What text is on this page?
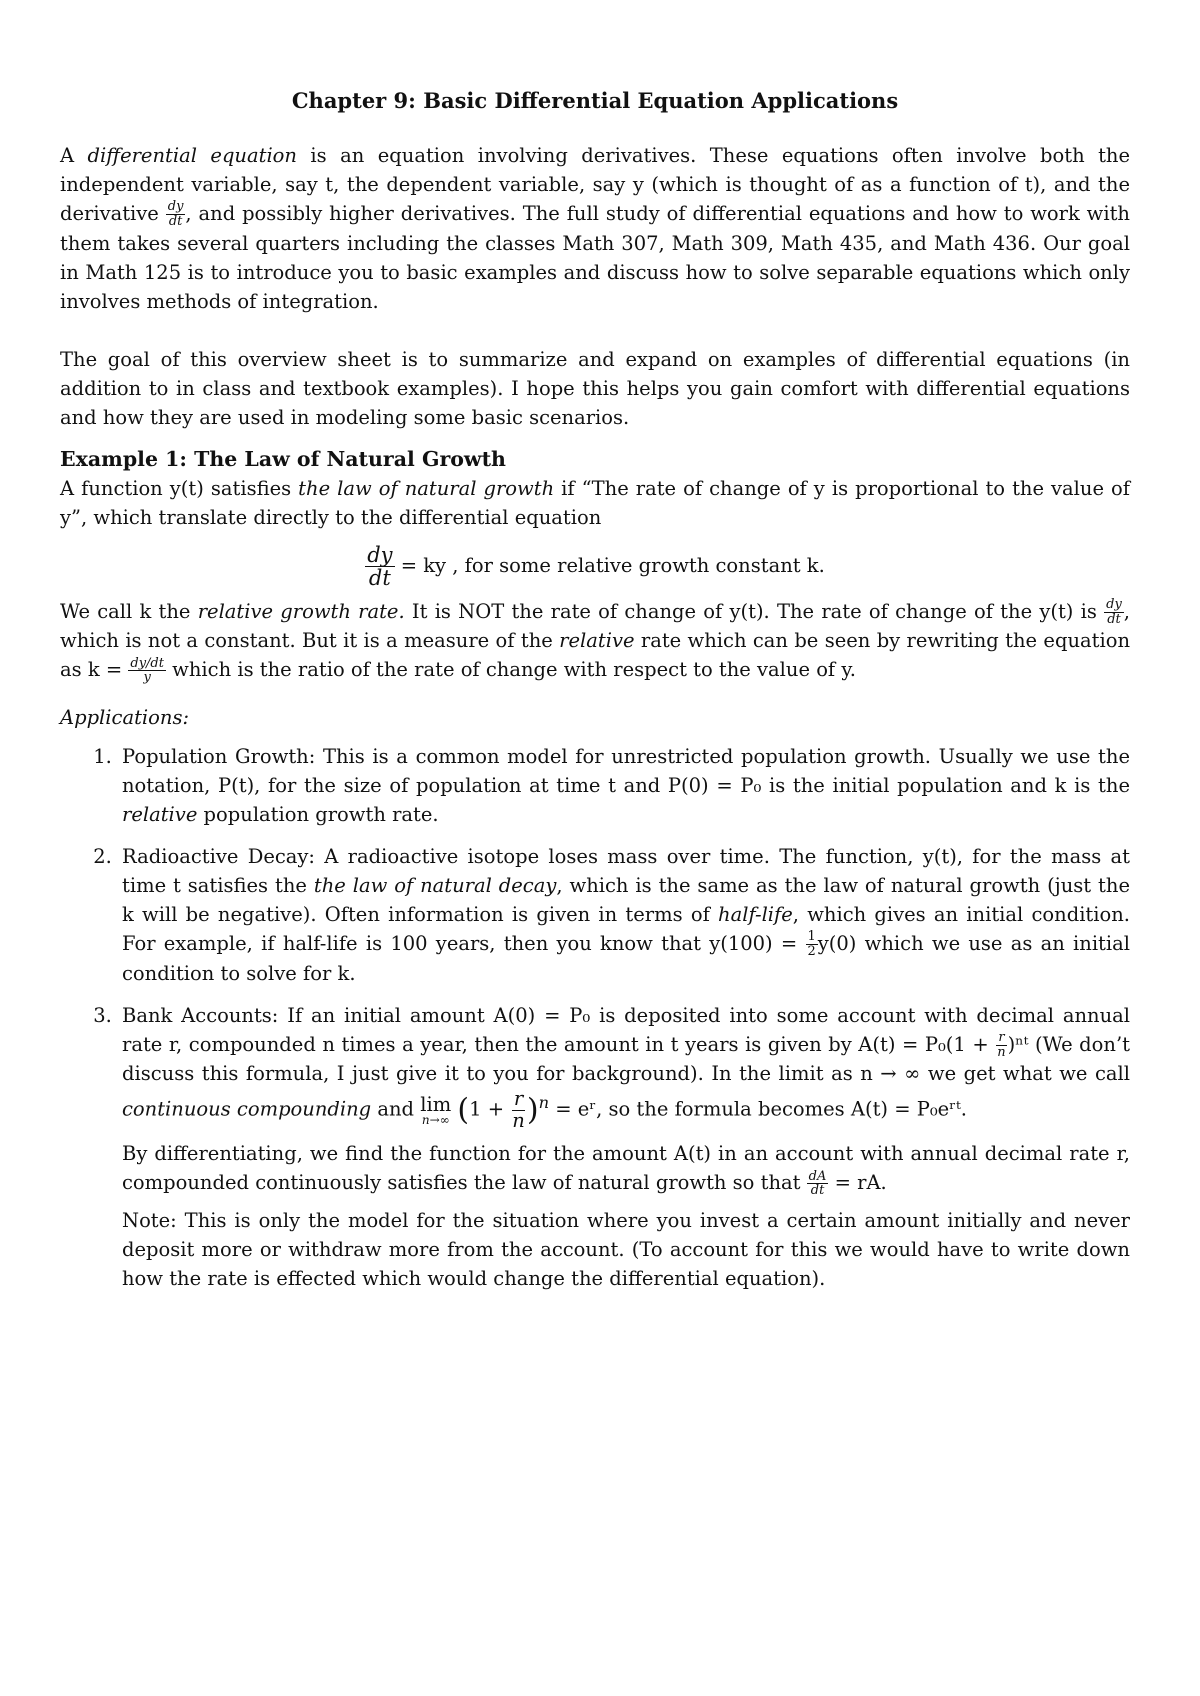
Chapter 9: Basic Differential Equation Applications

A differential equation is an equation involving derivatives. These equations often involve both the independent variable, say t, the dependent variable, say y (which is thought of as a function of t), and the derivative $\frac{dy}{dt}$ , and possibly higher derivatives. The full study of differential equations and how to work with them takes several quarters including the classes Math 307, Math 309, Math 435, and Math 436. Our goal in Math 125 is to introduce you to basic examples and discuss how to solve separable equations which only involves methods of integration.

The goal of this overview sheet is to summarize and expand on examples of differential equations (in addition to in class and textbook examples). I hope this helps you gain comfort with differential equations and how they are used in modeling some basic scenarios.

Example 1: The Law of Natural Growth

A function y(t) satisfies the law of natural growth if “The rate of change of y is proportional to the value of y”, which translate directly to the differential equation

$\frac{dy}{dt}$ = ky , for some relative growth constant k.

We call k the relative growth rate. It is NOT the rate of change of y(t). The rate of change of the y(t) is $\frac{dy}{dt}$ , which is not a constant. But it is a measure of the relative rate which can be seen by rewriting the equation as $k = \frac{dy/dt}{y}$ which is the ratio of the rate of change with respect to the value of y.

Applications:
1. Population Growth: This is a common model for unrestricted population growth. Usually we use the notation, P(t), for the size of population at time t and P(0) = P₀ is the initial population and k is the relative population growth rate.
2. Radioactive Decay: A radioactive isotope loses mass over time. The function, y(t), for the mass at time t satisfies the the law of natural decay, which is the same as the law of natural growth (just the k will be negative). Often information is given in terms of half-life, which gives an initial condition. For example, if half-life is 100 years, then you know that $y(100) = \frac{1}{2} y(0)$ which we use as an initial condition to solve for k.
3. Bank Accounts: If an initial amount A(0) = P₀ is deposited into some account with decimal annual rate r, compounded n times a year, then the amount in t years is given by $A(t) = P_0(1 + \frac{r}{n}$ )ⁿᵗ (We don’t discuss this formula, I just give it to you for background). In the limit as n → ∞ we get what we call continuous compounding and lim
n→∞ $(1 + \frac{r}{n} )^n$ = eʳ, so the formula becomes A(t) = P₀eʳᵗ.

By differentiating, we find the function for the amount A(t) in an account with annual decimal rate r, compounded continuously satisfies the law of natural growth so that $\frac{dA}{dt}$ = rA.

Note: This is only the model for the situation where you invest a certain amount initially and never deposit more or withdraw more from the account. (To account for this we would have to write down how the rate is effected which would change the differential equation).
